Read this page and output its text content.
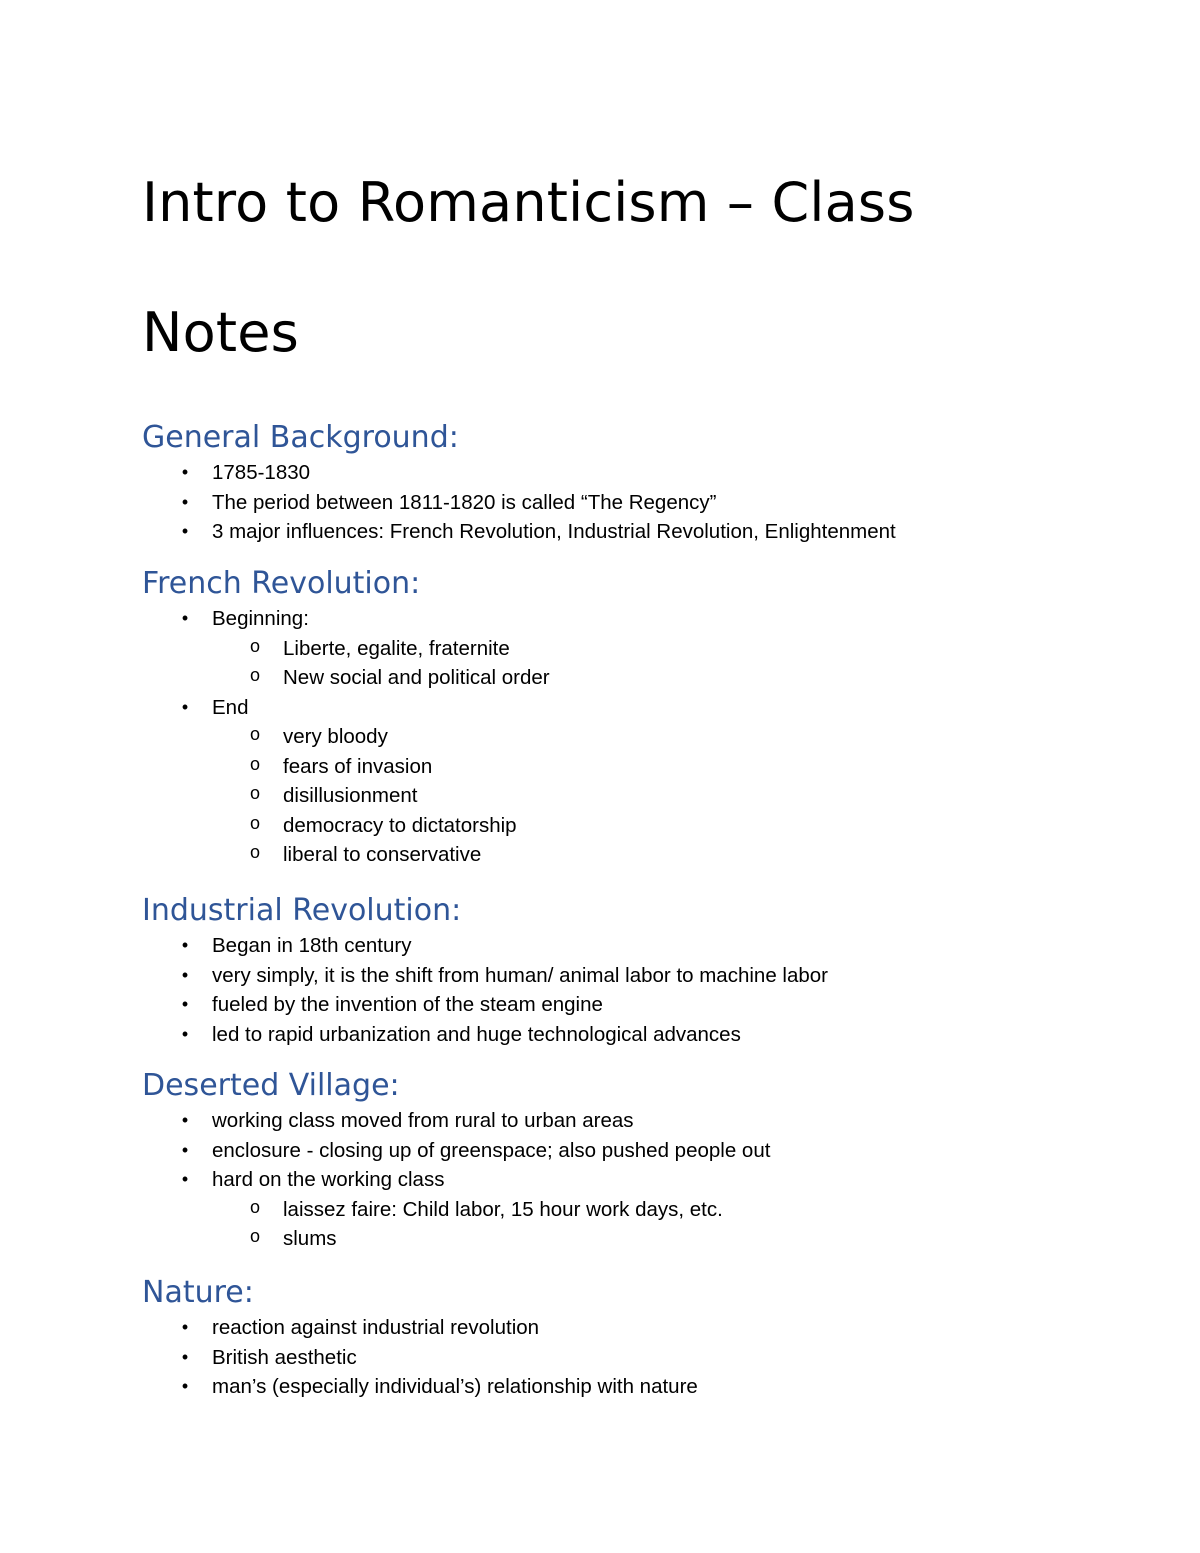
Intro to Romanticism – Class
Notes
General Background:
•	1785-1830
•	The period between 1811-1820 is called “The Regency”
•	3 major influences: French Revolution, Industrial Revolution, Enlightenment
French Revolution:
•	Beginning:
o Liberte, egalite, fraternite
o New social and political order
•	End
o very bloody
o fears of invasion
o disillusionment
o democracy to dictatorship
o liberal to conservative
Industrial Revolution:
•	Began in 18th century
•	very simply, it is the shift from human/ animal labor to machine labor
•	fueled by the invention of the steam engine
•	led to rapid urbanization and huge technological advances
Deserted Village:
•	working class moved from rural to urban areas
•	enclosure - closing up of greenspace; also pushed people out
•	hard on the working class
o laissez faire: Child labor, 15 hour work days, etc.
o slums
Nature:
•	reaction against industrial revolution
•	British aesthetic
•	man’s (especially individual’s) relationship with nature
